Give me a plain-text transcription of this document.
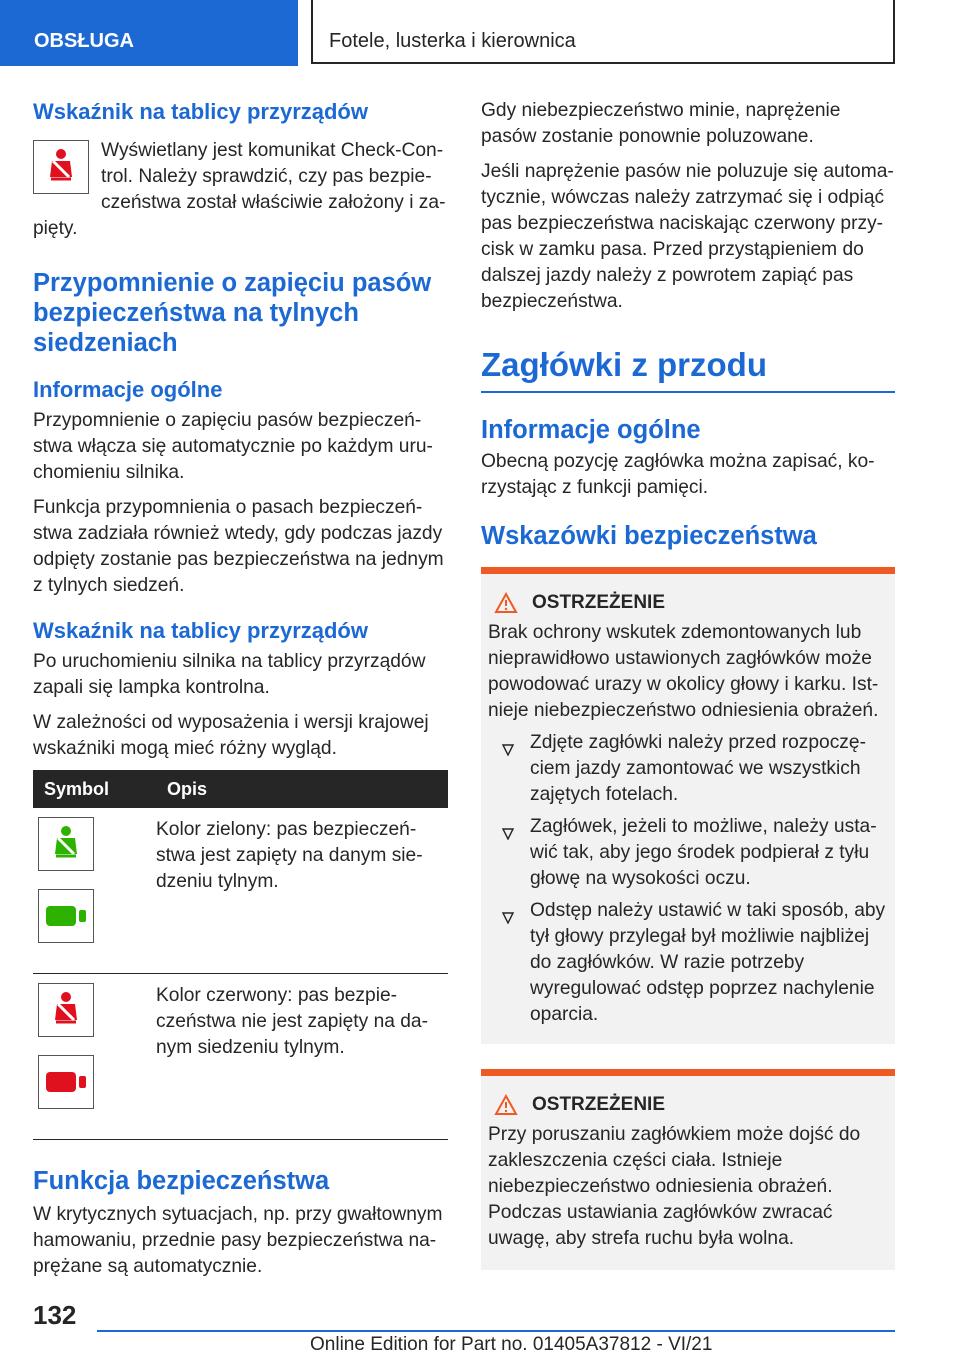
OBSŁUGA	Fotele, lusterka i kierownica
Wskaźnik na tablicy przyrządów

Wyświetlany jest komunikat Check-Control. Należy sprawdzić, czy pas bezpieczeństwa został właściwie założony i zapięty.

Przypomnienie o zapięciu pasów bezpieczeństwa na tylnych siedzeniach
Informacje ogólne

Przypomnienie o zapięciu pasów bezpieczeństwa włącza się automatycznie po każdym uruchomieniu silnika.

Funkcja przypomnienia o pasach bezpieczeństwa zadziała również wtedy, gdy podczas jazdy odpięty zostanie pas bezpieczeństwa na jednym z tylnych siedzeń.

Wskaźnik na tablicy przyrządów

Po uruchomieniu silnika na tablicy przyrządów zapali się lampka kontrolna.

W zależności od wyposażenia i wersji krajowej wskaźniki mogą mieć różny wygląd.

Symbol	Opis

	Kolor zielony: pas bezpieczeństwa jest zapięty na danym siedzeniu tylnym.

	Kolor czerwony: pas bezpieczeństwa nie jest zapięty na danym siedzeniu tylnym.
Funkcja bezpieczeństwa

W krytycznych sytuacjach, np. przy gwałtownym hamowaniu, przednie pasy bezpieczeństwa naprężane są automatycznie.

Gdy niebezpieczeństwo minie, naprężenie pasów zostanie ponownie poluzowane.

Jeśli naprężenie pasów nie poluzuje się automatycznie, wówczas należy zatrzymać się i odpiąć pas bezpieczeństwa naciskając czerwony przycisk w zamku pasa. Przed przystąpieniem do dalszej jazdy należy z powrotem zapiąć pas bezpieczeństwa.

Zagłówki z przodu
Informacje ogólne

Obecną pozycję zagłówka można zapisać, korzystając z funkcji pamięci.

Wskazówki bezpieczeństwa
OSTRZEŻENIE

Brak ochrony wskutek zdemontowanych lub nieprawidłowo ustawionych zagłówków może powodować urazy w okolicy głowy i karku. Istnieje niebezpieczeństwo odniesienia obrażeń.

Zdjęte zagłówki należy przed rozpoczęciem jazdy zamontować we wszystkich zajętych fotelach.
Zagłówek, jeżeli to możliwe, należy ustawić tak, aby jego środek podpierał z tyłu głowę na wysokości oczu.
Odstęp należy ustawić w taki sposób, aby tył głowy przylegał był możliwie najbliżej do zagłówków. W razie potrzeby wyregulować odstęp poprzez nachylenie oparcia.
OSTRZEŻENIE

Przy poruszaniu zagłówkiem może dojść do zakleszczenia części ciała. Istnieje niebezpieczeństwo odniesienia obrażeń. Podczas ustawiania zagłówków zwracać uwagę, aby strefa ruchu była wolna.

132
Online Edition for Part no. 01405A37812 - VI/21
